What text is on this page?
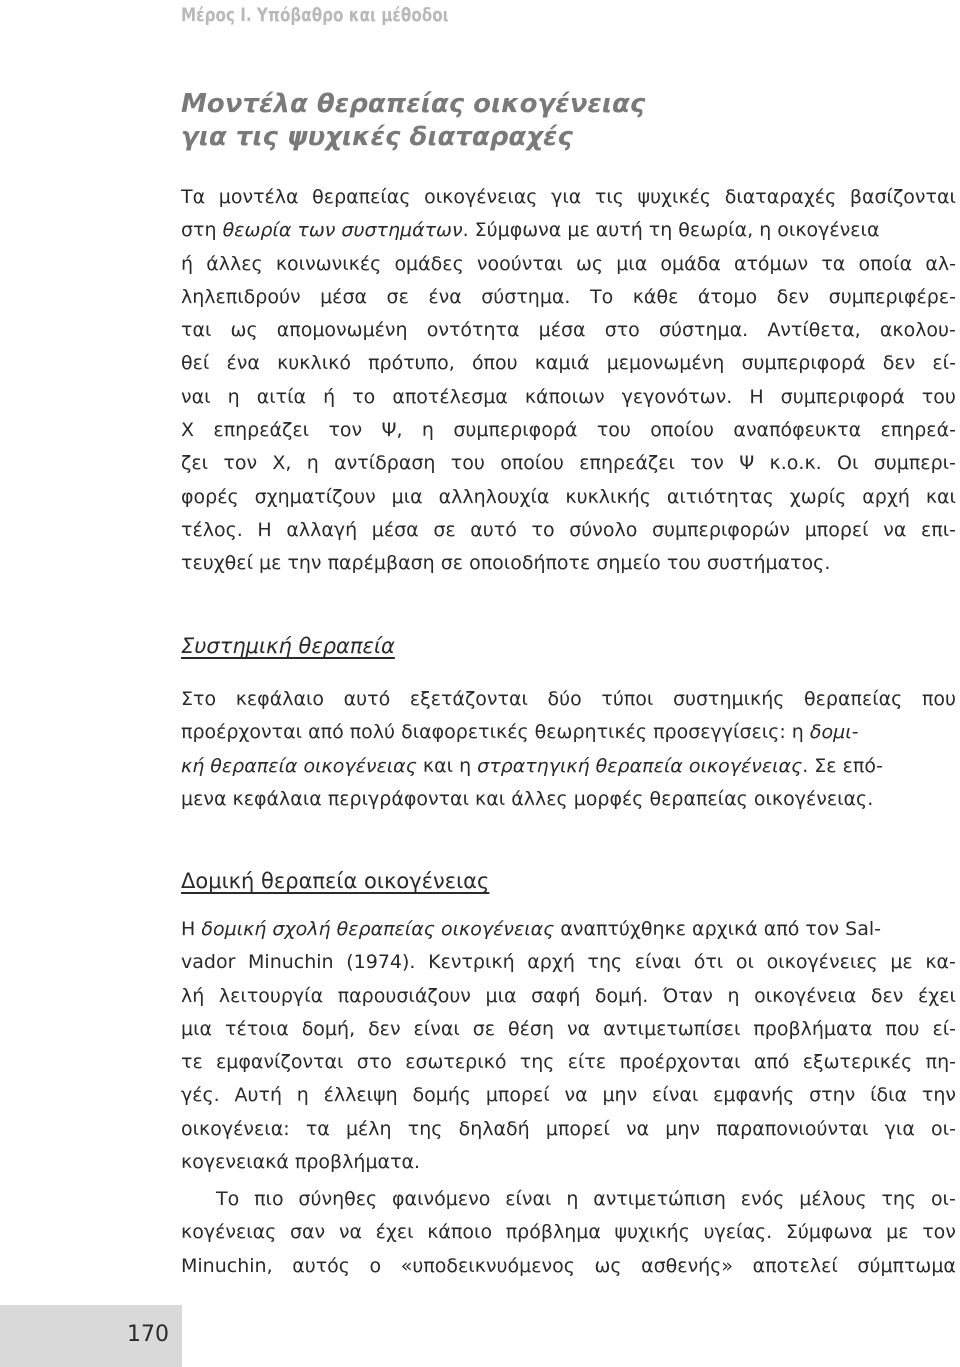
Μέρος Ι. Υπόβαθρο και μέθοδοι
Μοντέλα θεραπείας οικογένειας
για τις ψυχικές διαταραχές

Τα μοντέλα θεραπείας οικογένειας για τις ψυχικές διαταραχές βασίζονται
στη θεωρία των συστημάτων. Σύμφωνα με αυτή τη θεωρία, η οικογένεια
ή άλλες κοινωνικές ομάδες νοούνται ως μια ομάδα ατόμων τα οποία αλ-
ληλεπιδρούν μέσα σε ένα σύστημα. Το κάθε άτομο δεν συμπεριφέρε-
ται ως απομονωμένη οντότητα μέσα στο σύστημα. Αντίθετα, ακολου-
θεί ένα κυκλικό πρότυπο, όπου καμιά μεμονωμένη συμπεριφορά δεν εί-
ναι η αιτία ή το αποτέλεσμα κάποιων γεγονότων. Η συμπεριφορά του
Χ επηρεάζει τον Ψ, η συμπεριφορά του οποίου αναπόφευκτα επηρεά-
ζει τον Χ, η αντίδραση του οποίου επηρεάζει τον Ψ κ.ο.κ. Οι συμπερι-
φορές σχηματίζουν μια αλληλουχία κυκλικής αιτιότητας χωρίς αρχή και
τέλος. Η αλλαγή μέσα σε αυτό το σύνολο συμπεριφορών μπορεί να επι-
τευχθεί με την παρέμβαση σε οποιοδήποτε σημείο του συστήματος.

Συστημική θεραπεία

Στο κεφάλαιο αυτό εξετάζονται δύο τύποι συστημικής θεραπείας που
προέρχονται από πολύ διαφορετικές θεωρητικές προσεγγίσεις: η δομι-
κή θεραπεία οικογένειας και η στρατηγική θεραπεία οικογένειας. Σε επό-
μενα κεφάλαια περιγράφονται και άλλες μορφές θεραπείας οικογένειας.

Δομική θεραπεία οικογένειας

Η δομική σχολή θεραπείας οικογένειας αναπτύχθηκε αρχικά από τον Sal-
vador Minuchin (1974). Κεντρική αρχή της είναι ότι οι οικογένειες με κα-
λή λειτουργία παρουσιάζουν μια σαφή δομή. Όταν η οικογένεια δεν έχει
μια τέτοια δομή, δεν είναι σε θέση να αντιμετωπίσει προβλήματα που εί-
τε εμφανίζονται στο εσωτερικό της είτε προέρχονται από εξωτερικές πη-
γές. Αυτή η έλλειψη δομής μπορεί να μην είναι εμφανής στην ίδια την
οικογένεια: τα μέλη της δηλαδή μπορεί να μην παραπονιούνται για οι-
κογενειακά προβλήματα.

Το πιο σύνηθες φαινόμενο είναι η αντιμετώπιση ενός μέλους της οι-
κογένειας σαν να έχει κάποιο πρόβλημα ψυχικής υγείας. Σύμφωνα με τον
Minuchin, αυτός ο «υποδεικνυόμενος ως ασθενής» αποτελεί σύμπτωμα

170
